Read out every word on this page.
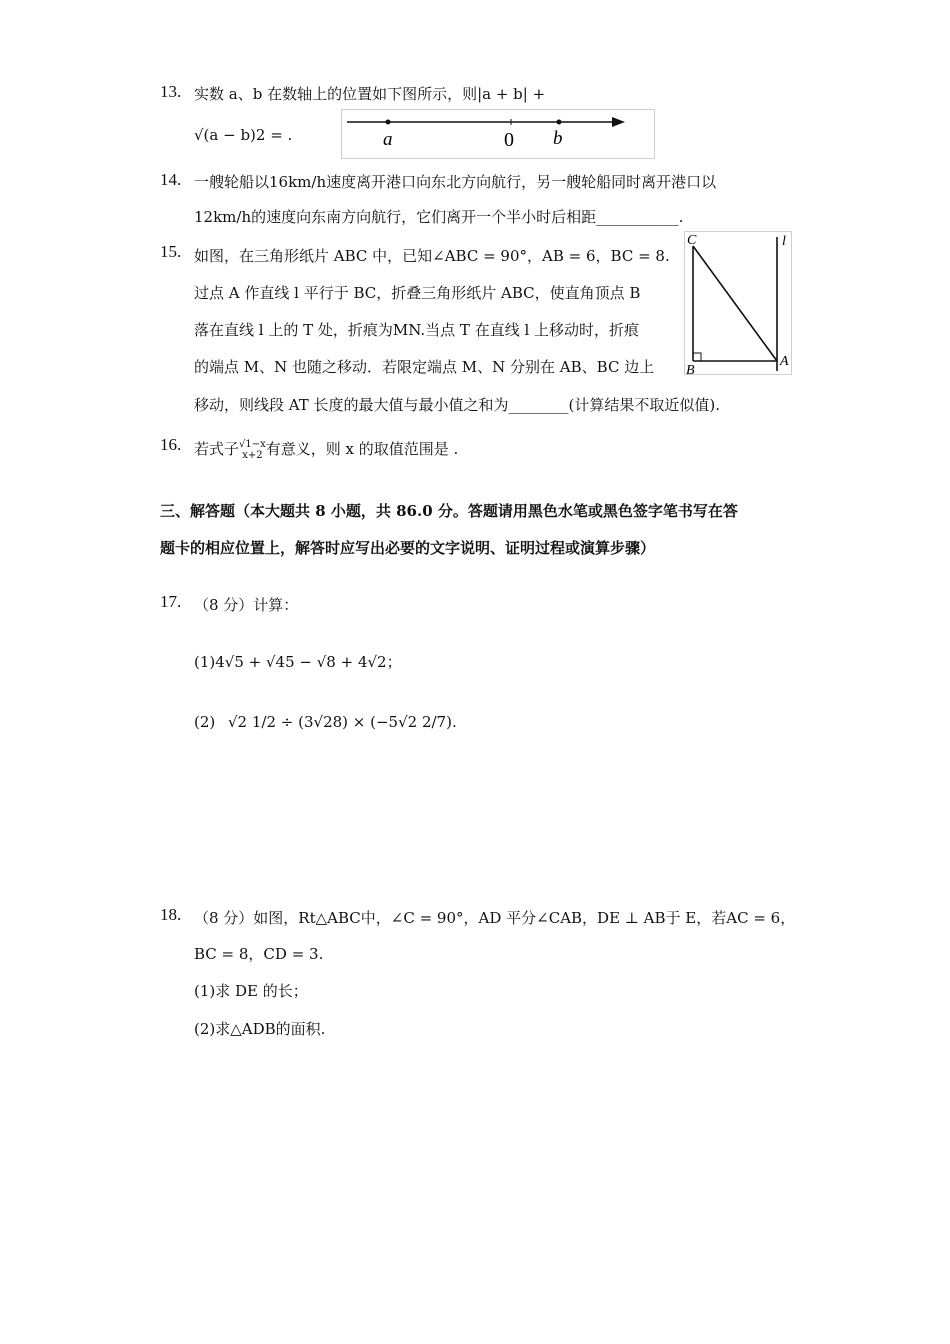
13. 实数 a、b 在数轴上的位置如下图所示，则|a + b| +
√(a − b)2 = .	a	0 b
14. 一艘轮船以16km/h速度离开港口向东北方向航行，另一艘轮船同时离开港口以
12km/h的速度向东南方向航行，它们离开一个半小时后相距___________.
15. 如图，在三角形纸片 ABC 中，已知∠ABC = 90°，AB = 6，BC = 8.
过点 A 作直线 l 平行于 BC，折叠三角形纸片 ABC，使直角顶点 B
落在直线 l 上的 T 处，折痕为MN.当点 T 在直线 l 上移动时，折痕
的端点 M、N 也随之移动．若限定端点 M、N 分别在 AB、BC 边上
移动，则线段 AT 长度的最大值与最小值之和为________(计算结果不取近似值).
C	l
B
A
16. 若式子 √1−x
x+2 有意义，则 x 的取值范围是 .
三、解答题（本大题共 8 小题，共 86.0 分。答题请用黑色水笔或黑色签字笔书写在答
题卡的相应位置上，解答时应写出必要的文字说明、证明过程或演算步骤）
17. （8 分）计算：
(1)4√5 + √45 − √8 + 4√2；
(2) √2 1/2 ÷ (3√28) × (−5√2 2/7).
18. （8 分）如图，Rt△ABC中，∠C = 90°，AD 平分∠CAB，DE ⊥ AB于 E，若AC = 6，
BC = 8，CD = 3.
(1)求 DE 的长；
(2)求△ADB的面积.
